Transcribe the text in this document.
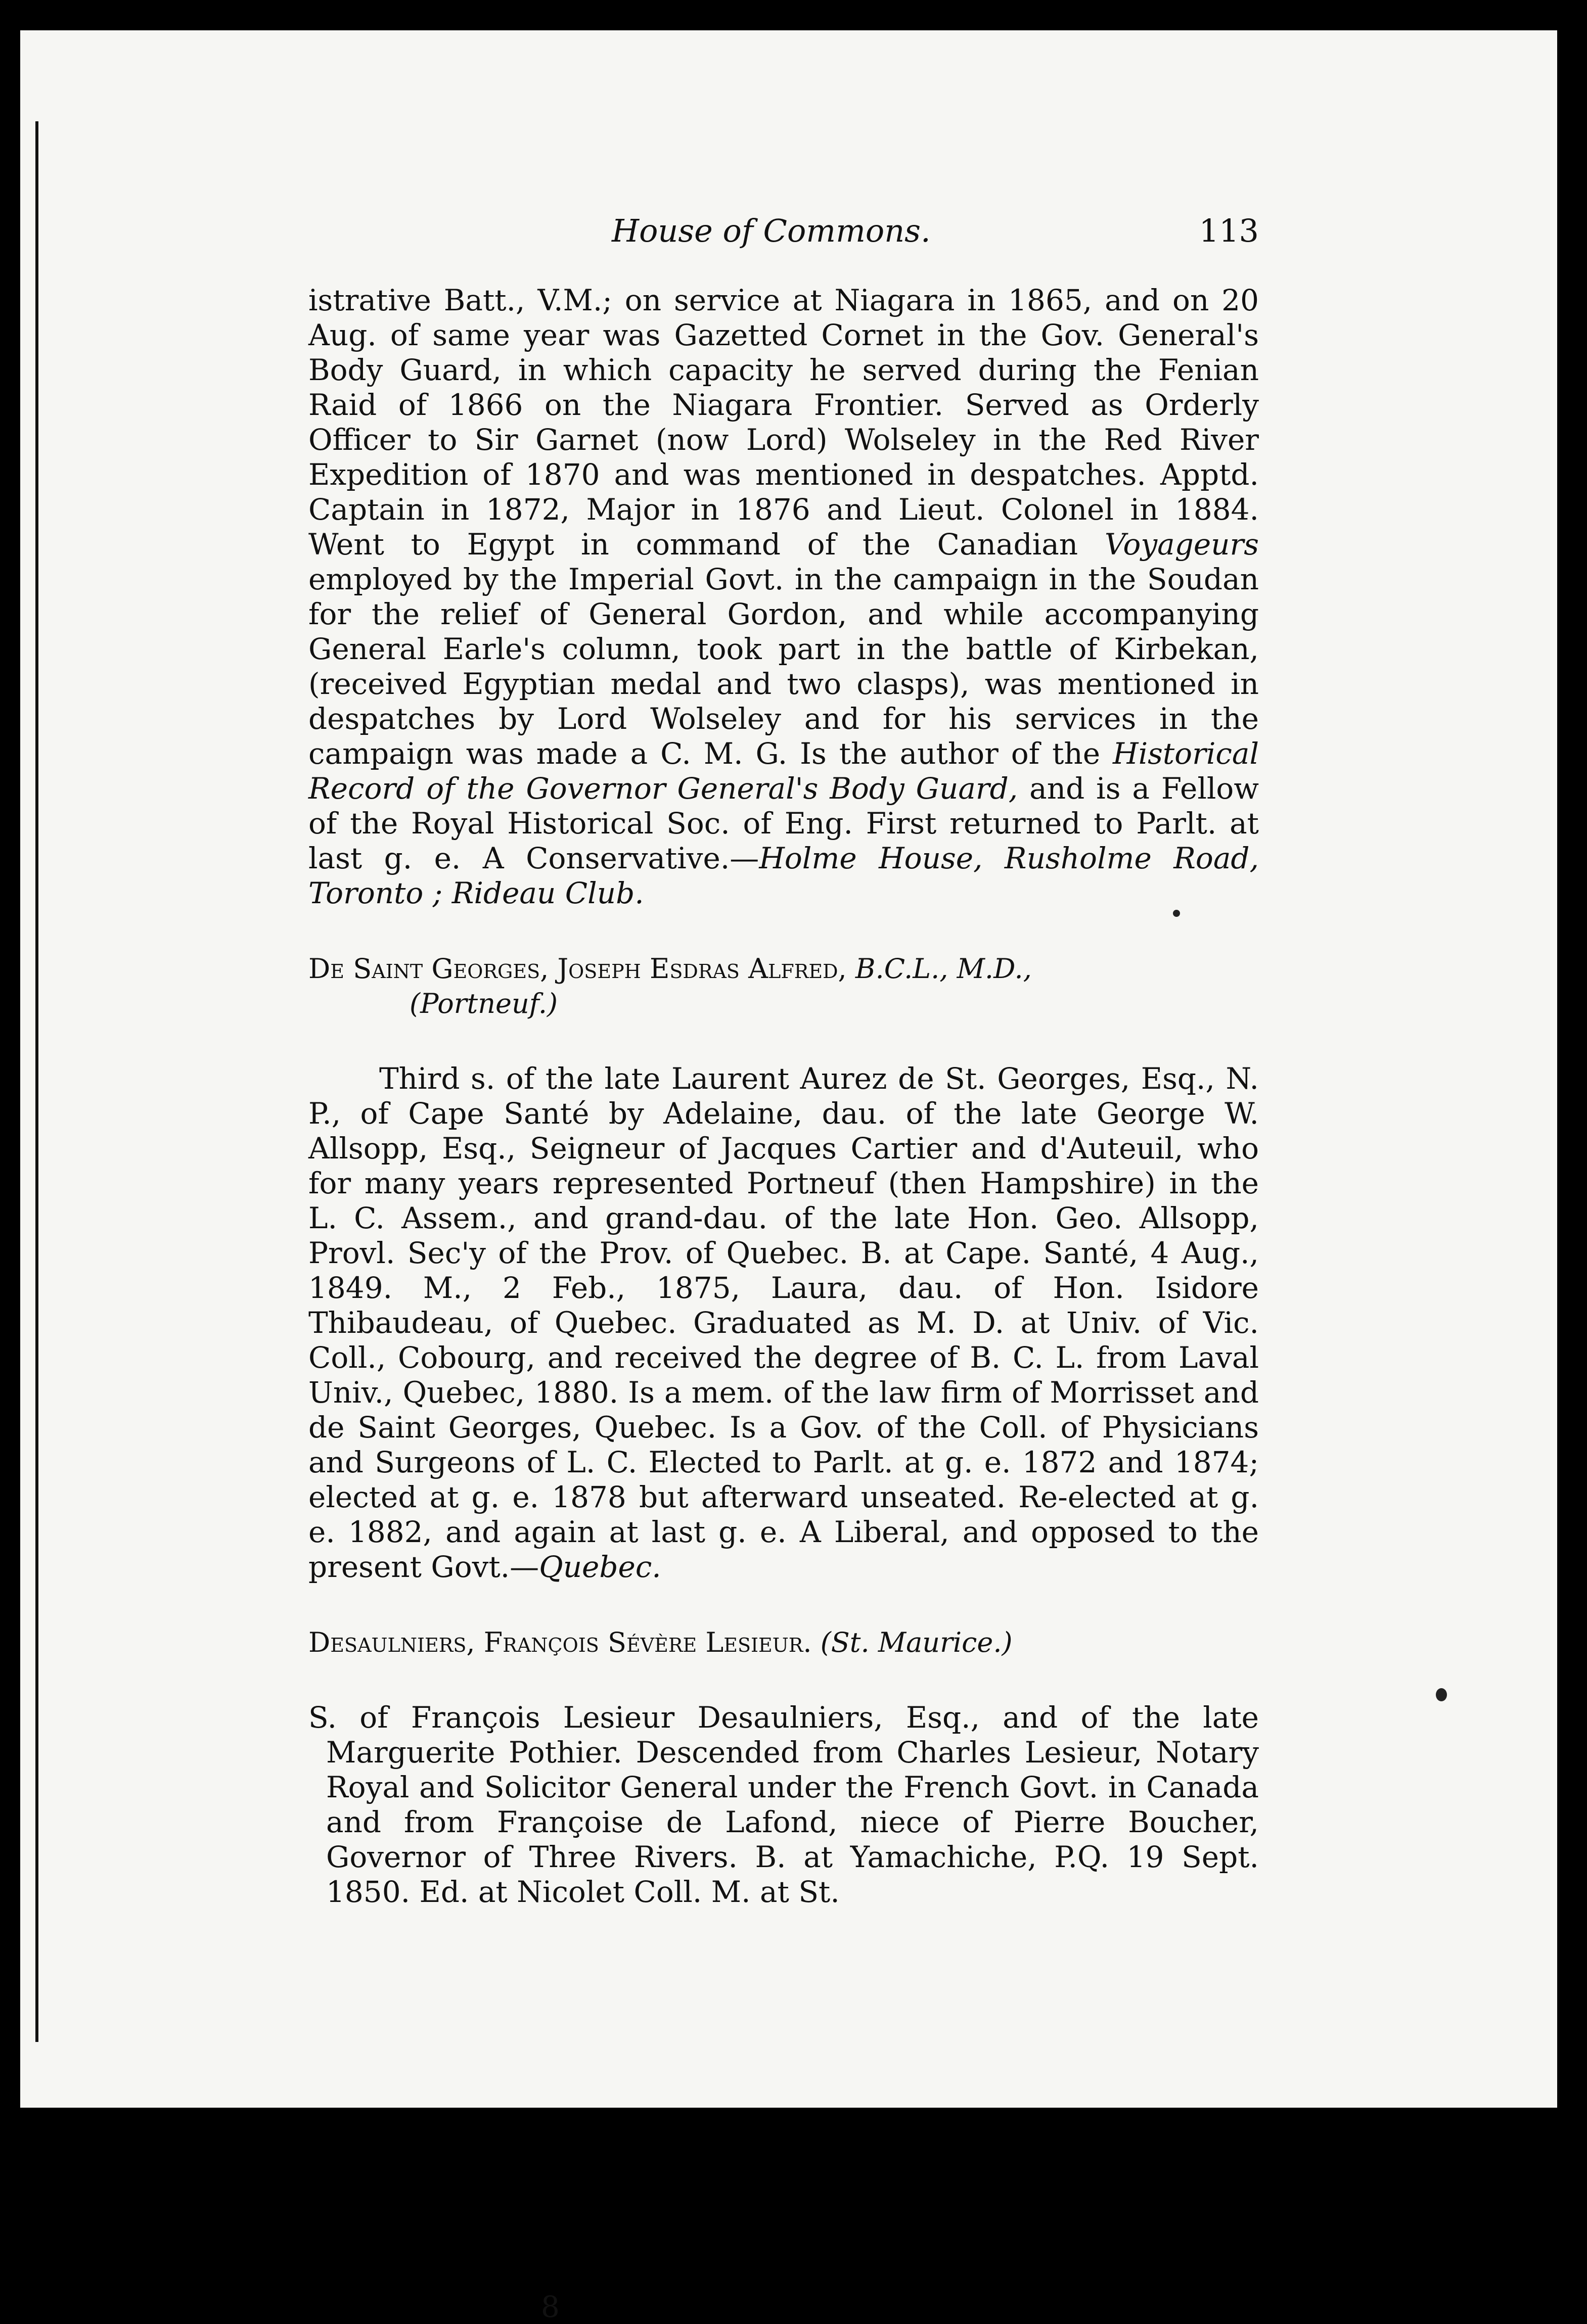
House of Commons.	113

istrative Batt., V.M.; on service at Niagara in 1865, and on 20 Aug. of same year was Gazetted Cornet in the Gov. General's Body Guard, in which capacity he served during the Fenian Raid of 1866 on the Niagara Frontier. Served as Orderly Officer to Sir Garnet (now Lord) Wolseley in the Red River Expedition of 1870 and was mentioned in despatches. Apptd. Captain in 1872, Major in 1876 and Lieut. Colonel in 1884. Went to Egypt in command of the Canadian Voyageurs employed by the Imperial Govt. in the campaign in the Soudan for the relief of General Gordon, and while accompanying General Earle's column, took part in the battle of Kirbekan, (received Egyptian medal and two clasps), was mentioned in despatches by Lord Wolseley and for his services in the campaign was made a C. M. G. Is the author of the Historical Record of the Governor General's Body Guard, and is a Fellow of the Royal Historical Soc. of Eng. First returned to Parlt. at last g. e. A Conservative.—Holme House, Rusholme Road, Toronto ; Rideau Club.

De Saint Georges, Joseph Esdras Alfred, B.C.L., M.D.,
(Portneuf.)

Third s. of the late Laurent Aurez de St. Georges, Esq., N. P., of Cape Santé by Adelaine, dau. of the late George W. Allsopp, Esq., Seigneur of Jacques Cartier and d'Auteuil, who for many years represented Portneuf (then Hampshire) in the L. C. Assem., and grand-dau. of the late Hon. Geo. Allsopp, Provl. Sec'y of the Prov. of Quebec. B. at Cape. Santé, 4 Aug., 1849. M., 2 Feb., 1875, Laura, dau. of Hon. Isidore Thibaudeau, of Quebec. Graduated as M. D. at Univ. of Vic. Coll., Cobourg, and received the degree of B. C. L. from Laval Univ., Quebec, 1880. Is a mem. of the law firm of Morrisset and de Saint Georges, Quebec. Is a Gov. of the Coll. of Physicians and Surgeons of L. C. Elected to Parlt. at g. e. 1872 and 1874; elected at g. e. 1878 but afterward unseated. Re-elected at g. e. 1882, and again at last g. e. A Liberal, and opposed to the present Govt.—Quebec.

Desaulniers, François Sévère Lesieur. (St. Maurice.)

S. of François Lesieur Desaulniers, Esq., and of the late Marguerite Pothier. Descended from Charles Lesieur, Notary Royal and Solicitor General under the French Govt. in Canada and from Françoise de Lafond, niece of Pierre Boucher, Governor of Three Rivers. B. at Yamachiche, P.Q. 19 Sept. 1850. Ed. at Nicolet Coll. M. at St.

8
